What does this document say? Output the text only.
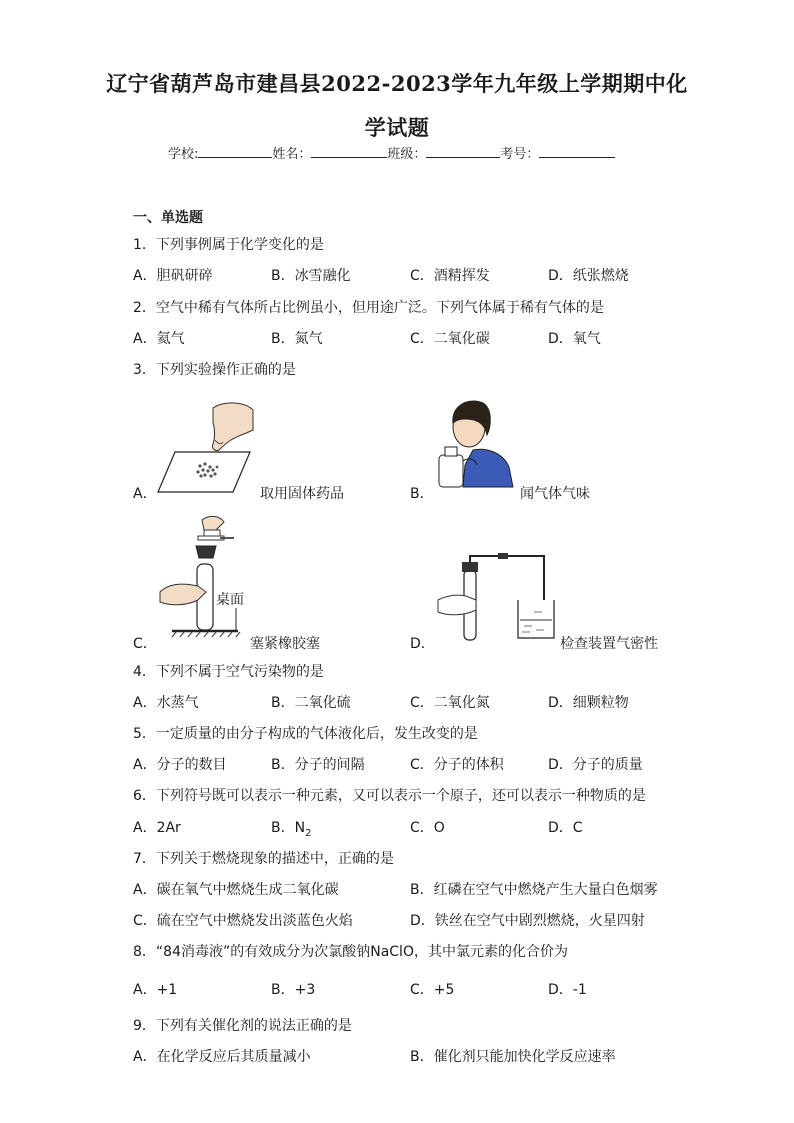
辽宁省葫芦岛市建昌县2022-2023学年九年级上学期期中化
学试题
学校:	姓名：	班级：	考号：
一、单选题
1．下列事例属于化学变化的是
A．胆矾研碎	B．冰雪融化	C．酒精挥发	D．纸张燃烧
2．空气中稀有气体所占比例虽小，但用途广泛。下列气体属于稀有气体的是
A．氦气	B．氮气	C．二氧化碳	D．氧气
3．下列实验操作正确的是
A．	取用固体药品	B．	闻气体气味
桌面
C．	塞紧橡胶塞	D．	检查装置气密性
4．下列不属于空气污染物的是
A．水蒸气	B．二氧化硫	C．二氧化氮	D．细颗粒物
5．一定质量的由分子构成的气体液化后，发生改变的是
A．分子的数目	B．分子的间隔	C．分子的体积	D．分子的质量
6．下列符号既可以表示一种元素，又可以表示一个原子，还可以表示一种物质的是
A．2Ar	B．$N_2$	C．O	D．C
7．下列关于燃烧现象的描述中，正确的是
A．碳在氧气中燃烧生成二氧化碳	B．红磷在空气中燃烧产生大量白色烟雾
C．硫在空气中燃烧发出淡蓝色火焰	D．铁丝在空气中剧烈燃烧，火星四射
8．“84消毒液”的有效成分为次氯酸钠NaClO，其中氯元素的化合价为
A．+1	B．+3	C．+5	D．-1
9．下列有关催化剂的说法正确的是
A．在化学反应后其质量减小	B．催化剂只能加快化学反应速率
